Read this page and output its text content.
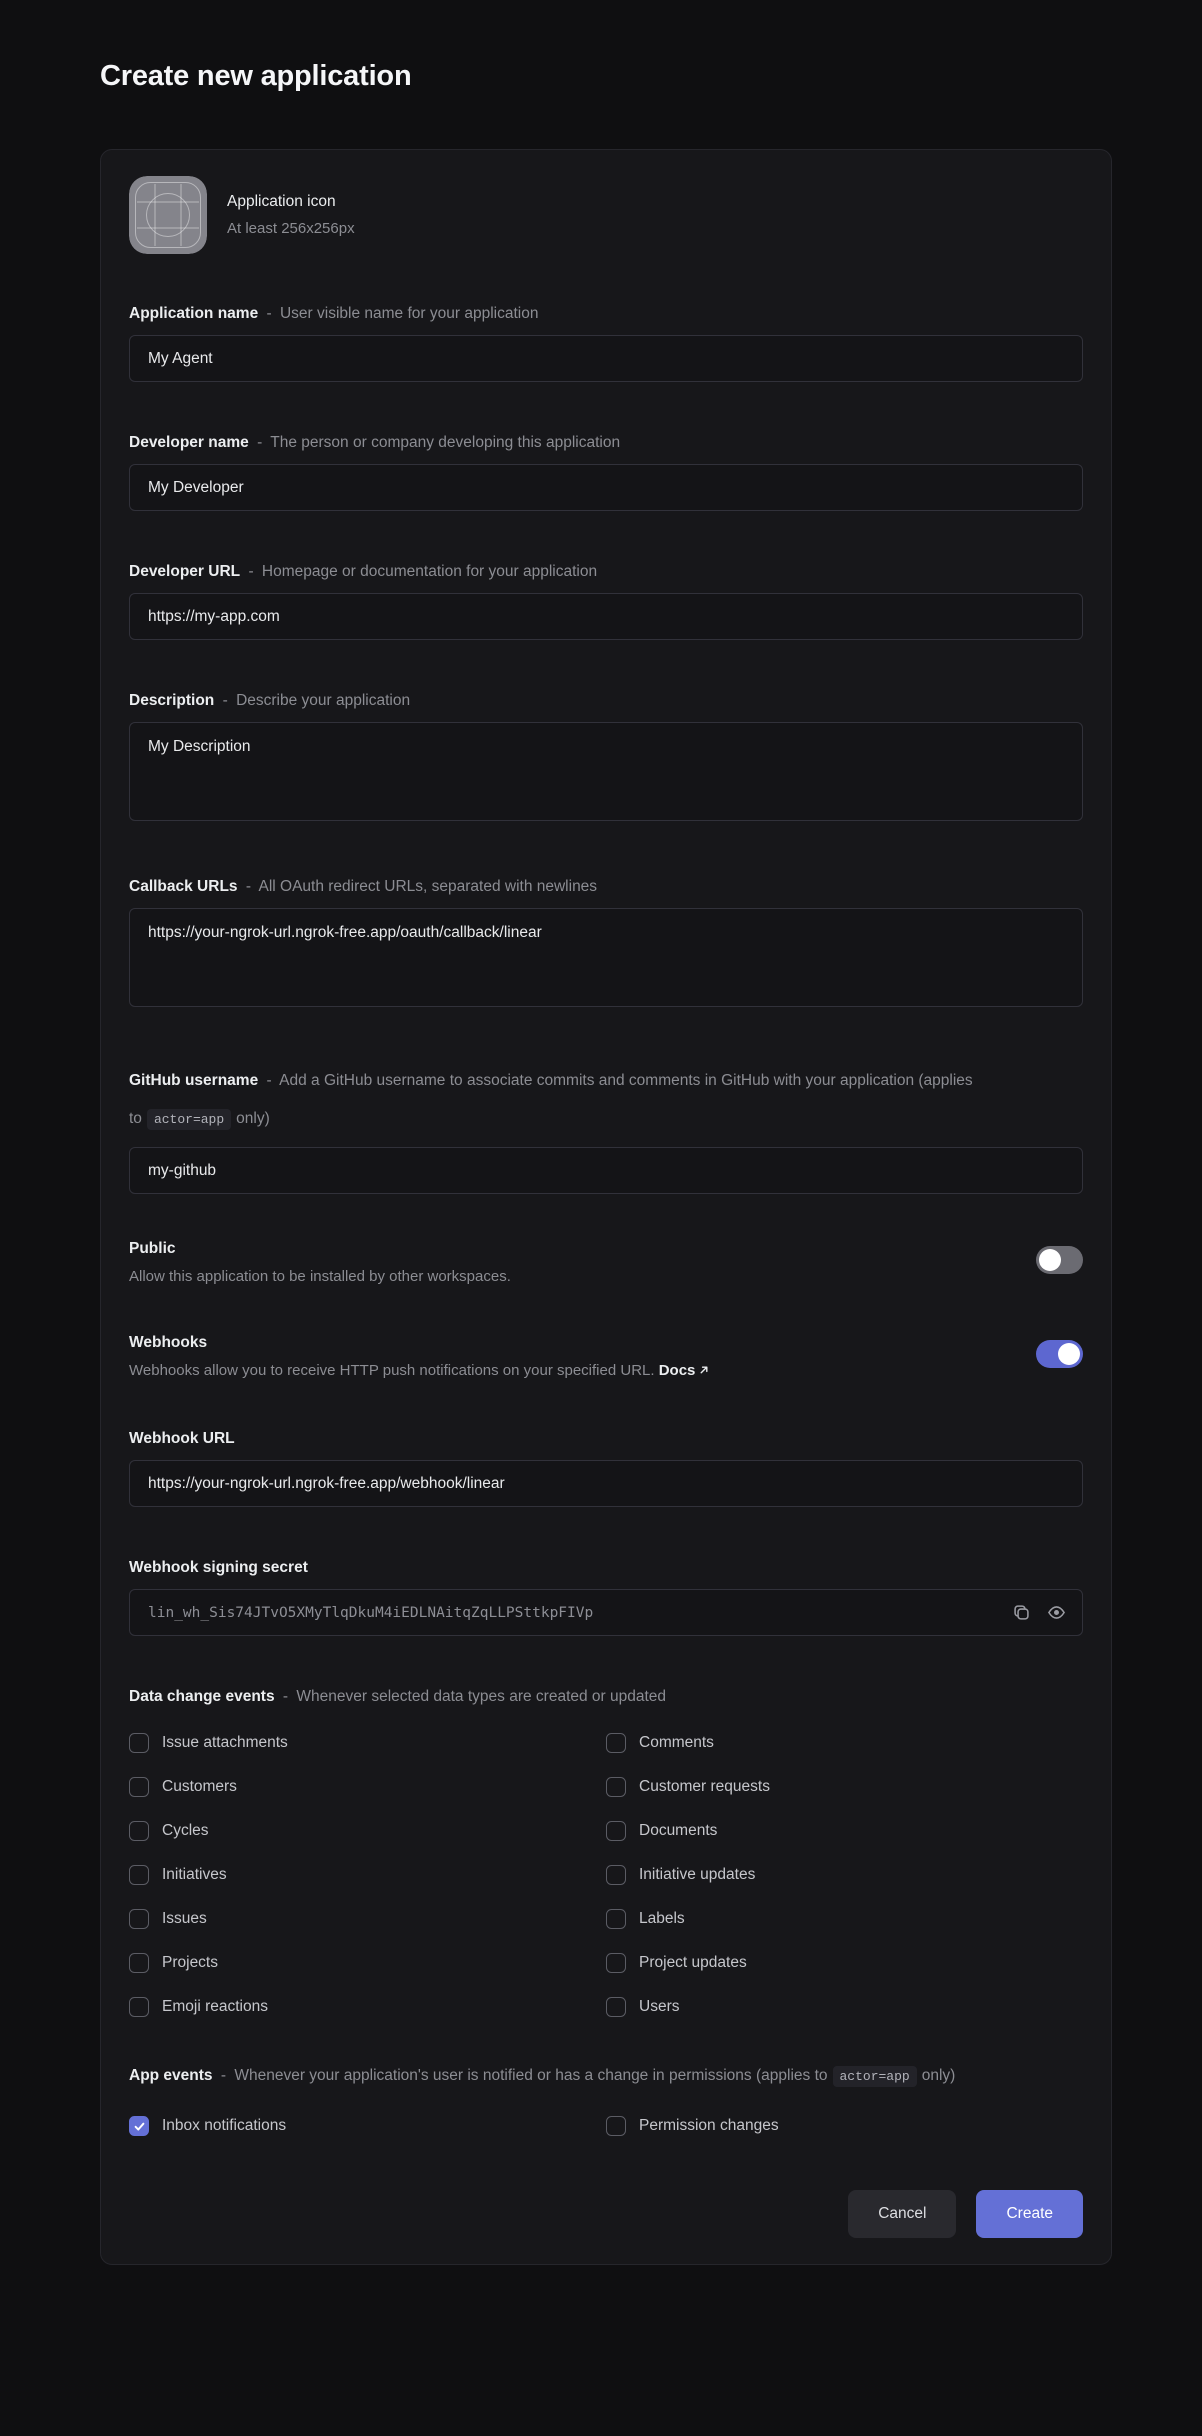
Create new application
Application icon
At least 256x256px
Application name - User visible name for your application
My Agent
Developer name - The person or company developing this application
My Developer
Developer URL - Homepage or documentation for your application
https://my-app.com
Description - Describe your application
My Description
Callback URLs - All OAuth redirect URLs, separated with newlines
https://your-ngrok-url.ngrok-free.app/oauth/callback/linear
GitHub username - Add a GitHub username to associate commits and comments in GitHub with your application (applies to actor=app only)
my-github
Public
Allow this application to be installed by other workspaces.
Webhooks
Webhooks allow you to receive HTTP push notifications on your specified URL. Docs
Webhook URL
https://your-ngrok-url.ngrok-free.app/webhook/linear
Webhook signing secret
lin_wh_Sis74JTvO5XMyTlqDkuM4iEDLNAitqZqLLPSttkpFIVp
Data change events - Whenever selected data types are created or updated
Issue attachments	Comments
Customers	Customer requests
Cycles	Documents
Initiatives	Initiative updates
Issues	Labels
Projects	Project updates
Emoji reactions	Users
App events - Whenever your application's user is notified or has a change in permissions (applies to actor=app only)
Inbox notifications	Permission changes
Cancel	Create
